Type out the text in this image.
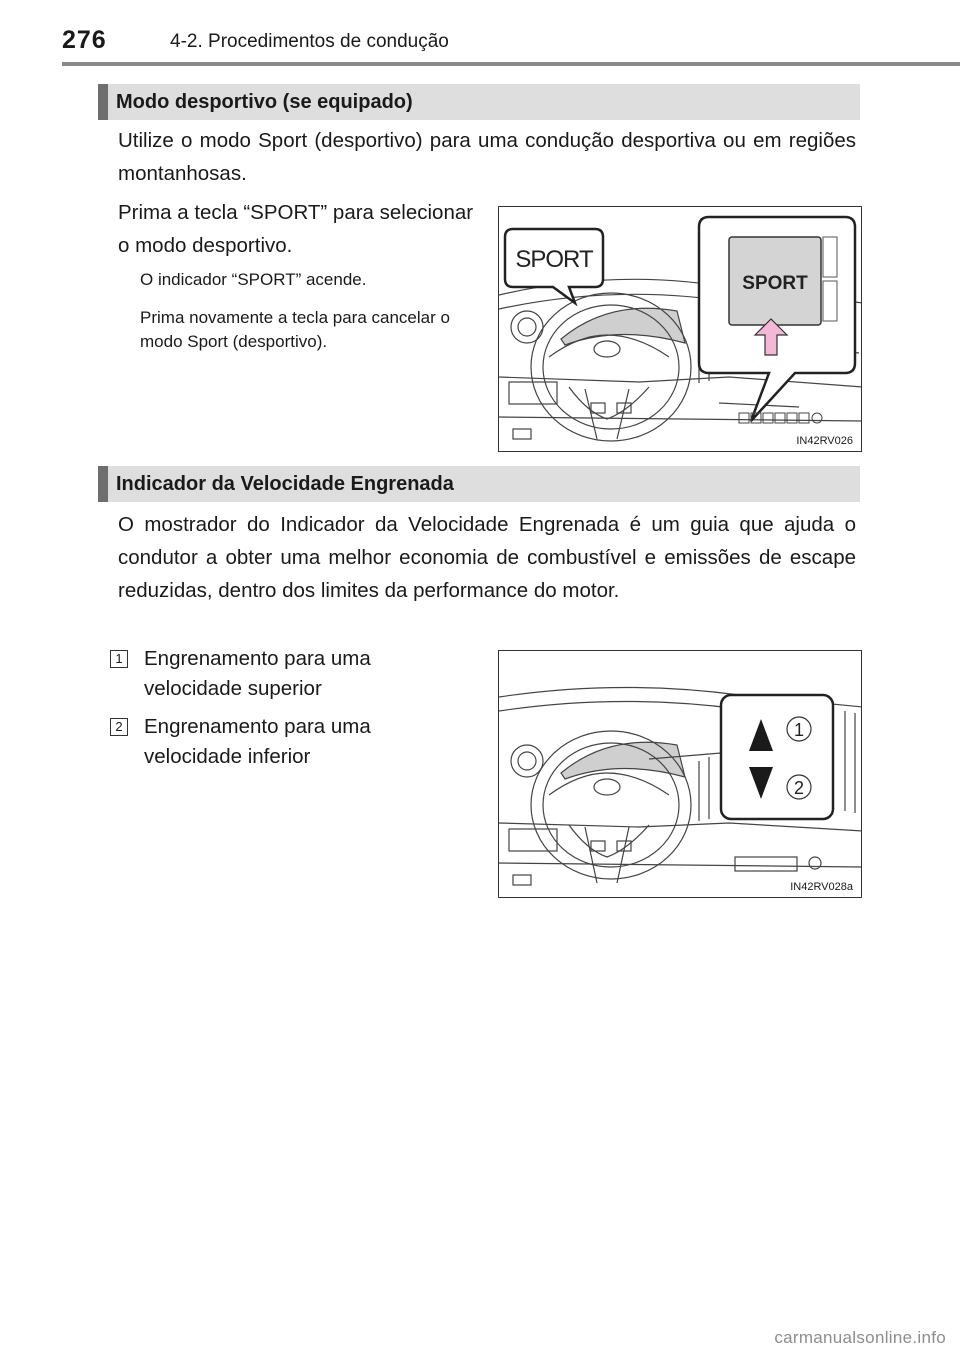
276	4-2. Procedimentos de condução
Modo desportivo (se equipado)

Utilize o modo Sport (desportivo) para uma condução desportiva ou em regiões montanhosas.

Prima a tecla “SPORT” para selecionar o modo desportivo.

O indicador “SPORT” acende.

Prima novamente a tecla para cancelar o modo Sport (desportivo).

SPORT
SPORT
IN42RV026
Indicador da Velocidade Engrenada

O mostrador do Indicador da Velocidade Engrenada é um guia que ajuda o condutor a obter uma melhor economia de combustível e emissões de escape reduzidas, dentro dos limites da performance do motor.

1 Engrenamento para uma velocidade superior

2 Engrenamento para uma velocidade inferior

1
2
IN42RV028a
carmanualsonline.info
